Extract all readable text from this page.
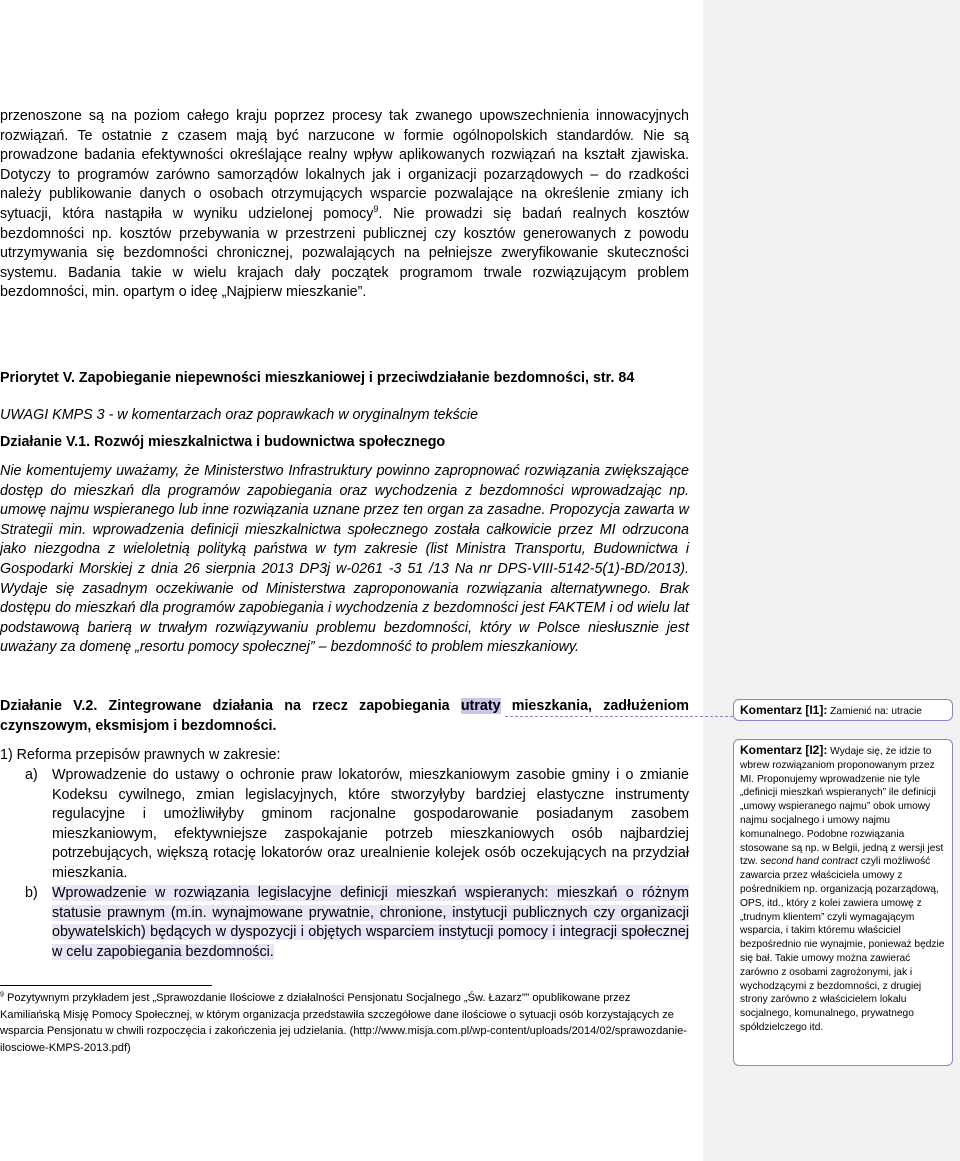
przenoszone są na poziom całego kraju poprzez procesy tak zwanego upowszechnienia innowacyjnych rozwiązań. Te ostatnie z czasem mają być narzucone w formie ogólnopolskich standardów. Nie są prowadzone badania efektywności określające realny wpływ aplikowanych rozwiązań na kształt zjawiska. Dotyczy to programów zarówno samorządów lokalnych jak i organizacji pozarządowych – do rzadkości należy publikowanie danych o osobach otrzymujących wsparcie pozwalające na określenie zmiany ich sytuacji, która nastąpiła w wyniku udzielonej pomocy$^9$. Nie prowadzi się badań realnych kosztów bezdomności np. kosztów przebywania w przestrzeni publicznej czy kosztów generowanych z powodu utrzymywania się bezdomności chronicznej, pozwalających na pełniejsze zweryfikowanie skuteczności systemu. Badania takie w wielu krajach dały początek programom trwale rozwiązującym problem bezdomności, min. opartym o ideę „Najpierw mieszkanie”.

Priorytet V. Zapobieganie niepewności mieszkaniowej i przeciwdziałanie bezdomności, str. 84
UWAGI KMPS 3 - w komentarzach oraz poprawkach w oryginalnym tekście
Działanie V.1. Rozwój mieszkalnictwa i budownictwa społecznego

Nie komentujemy uważamy, że Ministerstwo Infrastruktury powinno zapropnować rozwiązania zwiększające dostęp do mieszkań dla programów zapobiegania oraz wychodzenia z bezdomności wprowadzając np. umowę najmu wspieranego lub inne rozwiązania uznane przez ten organ za zasadne. Propozycja zawarta w Strategii min. wprowadzenia definicji mieszkalnictwa społecznego została całkowicie przez MI odrzucona jako niezgodna z wieloletnią polityką państwa w tym zakresie (list Ministra Transportu, Budownictwa i Gospodarki Morskiej z dnia 26 sierpnia 2013 DP3j w-0261 -3 51 /13 Na nr DPS-VIII-5142-5(1)-BD/2013). Wydaje się zasadnym oczekiwanie od Ministerstwa zaproponowania rozwiązania alternatywnego. Brak dostępu do mieszkań dla programów zapobiegania i wychodzenia z bezdomności jest FAKTEM i od wielu lat podstawową barierą w trwałym rozwiązywaniu problemu bezdomności, który w Polsce niesłusznie jest uważany za domenę „resortu pomocy społecznej” – bezdomność to problem mieszkaniowy.

Działanie V.2. Zintegrowane działania na rzecz zapobiegania utraty mieszkania, zadłużeniom czynszowym, eksmisjom i bezdomności.

1) Reforma przepisów prawnych w zakresie:
a) Wprowadzenie do ustawy o ochronie praw lokatorów, mieszkaniowym zasobie gminy i o zmianie Kodeksu cywilnego, zmian legislacyjnych, które stworzyłyby bardziej elastyczne instrumenty regulacyjne i umożliwiłyby gminom racjonalne gospodarowanie posiadanym zasobem mieszkaniowym, efektywniejsze zaspokajanie potrzeb mieszkaniowych osób najbardziej potrzebujących, większą rotację lokatorów oraz urealnienie kolejek osób oczekujących na przydział mieszkania.
b) Wprowadzenie w rozwiązania legislacyjne definicji mieszkań wspieranych: mieszkań o różnym statusie prawnym (m.in. wynajmowane prywatnie, chronione, instytucji publicznych czy organizacji obywatelskich) będących w dyspozycji i objętych wsparciem instytucji pomocy i integracji społecznej w celu zapobiegania bezdomności.

$^9$ Pozytywnym przykładem jest „Sprawozdanie Ilościowe z działalności Pensjonatu Socjalnego „Św. Łazarz”” opublikowane przez Kamiliańską Misję Pomocy Społecznej, w którym organizacja przedstawiła szczegółowe dane ilościowe o sytuacji osób korzystających ze wsparcia Pensjonatu w chwili rozpoczęcia i zakończenia jej udzielania. (http://www.misja.com.pl/wp-content/uploads/2014/02/sprawozdanie-ilosciowe-KMPS-2013.pdf)

Komentarz [I1]: Zamienić na: utracie
Komentarz [I2]: Wydaje się, że idzie to wbrew rozwiązaniom proponowanym przez MI. Proponujemy wprowadzenie nie tyle „definicji mieszkań wspieranych” ile definicji „umowy wspieranego najmu” obok umowy najmu socjalnego i umowy najmu komunalnego. Podobne rozwiązania stosowane są np. w Belgii, jedną z wersji jest tzw. second hand contract czyli możliwość zawarcia przez właściciela umowy z pośrednikiem np. organizacją pozarządową, OPS, itd., który z kolei zawiera umowę z „trudnym klientem” czyli wymagającym wsparcia, i takim któremu właściciel bezpośrednio nie wynajmie, ponieważ będzie się bał. Takie umowy można zawierać zarówno z osobami zagrożonymi, jak i wychodzącymi z bezdomności, z drugiej strony zarówno z właścicielem lokalu socjalnego, komunalnego, prywatnego spółdzielczego itd.
